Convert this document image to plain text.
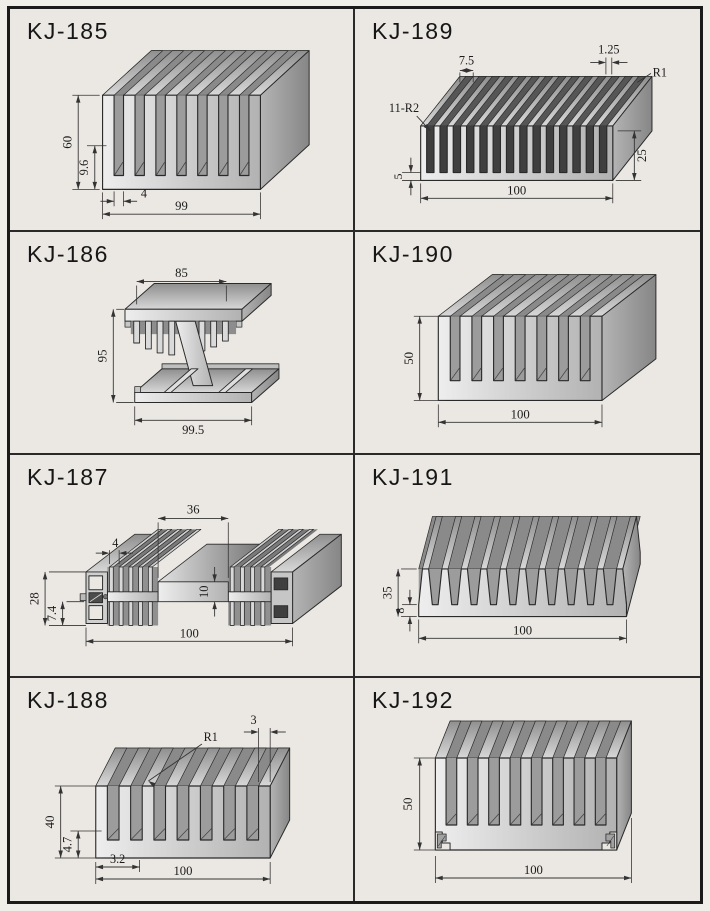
KJ-185
60
9.6
4
99
KJ-189
7.5
11-R2
1.25
R1
25
5
100
KJ-186
85
95
99.5
KJ-190
50
100
KJ-187
36
4
28
7.4
10
100
KJ-191
35
8
100
KJ-188
40
4.7
3.2
100
3
R1
KJ-192
50
100
